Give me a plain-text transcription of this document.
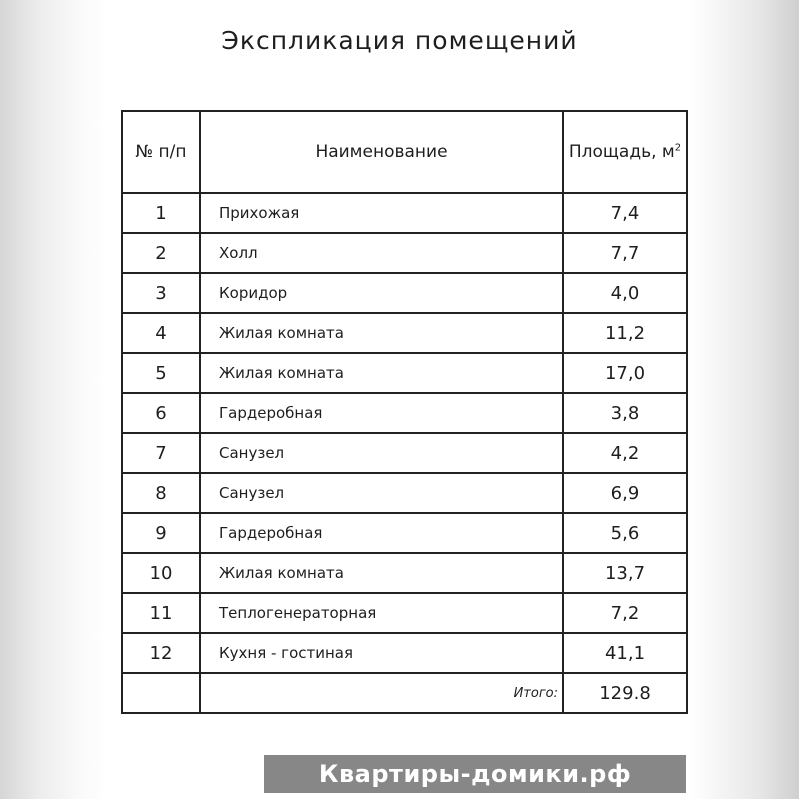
Экспликация помещений
№ п/п	Наименование	Площадь, $м^2$
1	Прихожая	7,4
2	Холл	7,7
3	Коридор	4,0
4	Жилая комната	11,2
5	Жилая комната	17,0
6	Гардеробная	3,8
7	Санузел	4,2
8	Санузел	6,9
9	Гардеробная	5,6
10	Жилая комната	13,7
11	Теплогенераторная	7,2
12	Кухня - гостиная	41,1
	Итого:	129.8
Квартиры-домики.рф
